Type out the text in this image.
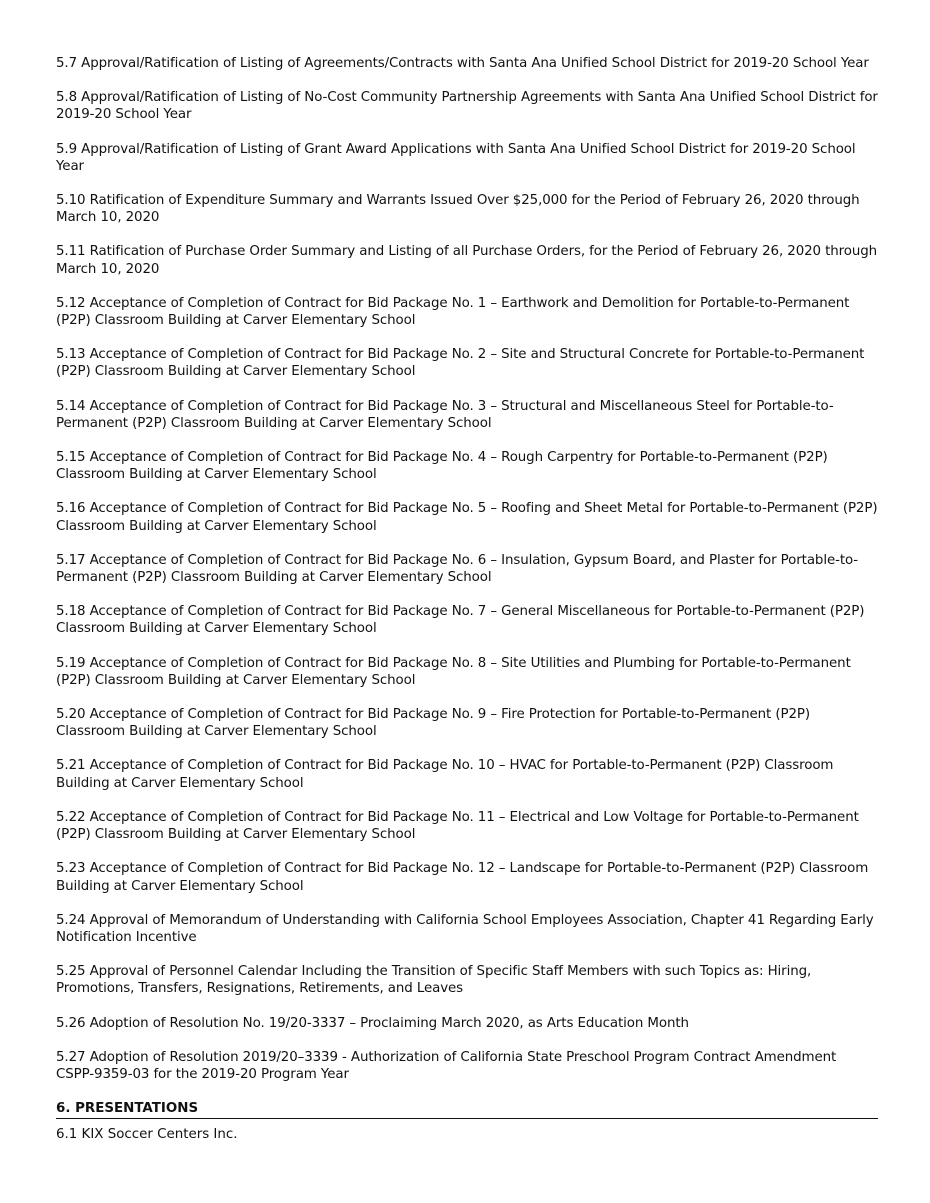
5.7 Approval/Ratification of Listing of Agreements/Contracts with Santa Ana Unified School District for 2019-20 School Year

5.8 Approval/Ratification of Listing of No-Cost Community Partnership Agreements with Santa Ana Unified School District for 2019-20 School Year

5.9 Approval/Ratification of Listing of Grant Award Applications with Santa Ana Unified School District for 2019-20 School Year

5.10 Ratification of Expenditure Summary and Warrants Issued Over $25,000 for the Period of February 26, 2020 through March 10, 2020

5.11 Ratification of Purchase Order Summary and Listing of all Purchase Orders, for the Period of February 26, 2020 through March 10, 2020

5.12 Acceptance of Completion of Contract for Bid Package No. 1 – Earthwork and Demolition for Portable-to-Permanent (P2P) Classroom Building at Carver Elementary School

5.13 Acceptance of Completion of Contract for Bid Package No. 2 – Site and Structural Concrete for Portable-to-Permanent (P2P) Classroom Building at Carver Elementary School

5.14 Acceptance of Completion of Contract for Bid Package No. 3 – Structural and Miscellaneous Steel for Portable-to-Permanent (P2P) Classroom Building at Carver Elementary School

5.15 Acceptance of Completion of Contract for Bid Package No. 4 – Rough Carpentry for Portable-to-Permanent (P2P) Classroom Building at Carver Elementary School

5.16 Acceptance of Completion of Contract for Bid Package No. 5 – Roofing and Sheet Metal for Portable-to-Permanent (P2P) Classroom Building at Carver Elementary School

5.17 Acceptance of Completion of Contract for Bid Package No. 6 – Insulation, Gypsum Board, and Plaster for Portable-to-Permanent (P2P) Classroom Building at Carver Elementary School

5.18 Acceptance of Completion of Contract for Bid Package No. 7 – General Miscellaneous for Portable-to-Permanent (P2P) Classroom Building at Carver Elementary School

5.19 Acceptance of Completion of Contract for Bid Package No. 8 – Site Utilities and Plumbing for Portable-to-Permanent (P2P) Classroom Building at Carver Elementary School

5.20 Acceptance of Completion of Contract for Bid Package No. 9 – Fire Protection for Portable-to-Permanent (P2P) Classroom Building at Carver Elementary School

5.21 Acceptance of Completion of Contract for Bid Package No. 10 – HVAC for Portable-to-Permanent (P2P) Classroom Building at Carver Elementary School

5.22 Acceptance of Completion of Contract for Bid Package No. 11 – Electrical and Low Voltage for Portable-to-Permanent (P2P) Classroom Building at Carver Elementary School

5.23 Acceptance of Completion of Contract for Bid Package No. 12 – Landscape for Portable-to-Permanent (P2P) Classroom Building at Carver Elementary School

5.24 Approval of Memorandum of Understanding with California School Employees Association, Chapter 41 Regarding Early Notification Incentive

5.25 Approval of Personnel Calendar Including the Transition of Specific Staff Members with such Topics as: Hiring, Promotions, Transfers, Resignations, Retirements, and Leaves

5.26 Adoption of Resolution No. 19/20-3337 – Proclaiming March 2020, as Arts Education Month

5.27 Adoption of Resolution 2019/20–3339 - Authorization of California State Preschool Program Contract Amendment CSPP-9359-03 for the 2019-20 Program Year

6. PRESENTATIONS
6.1 KIX Soccer Centers Inc.
